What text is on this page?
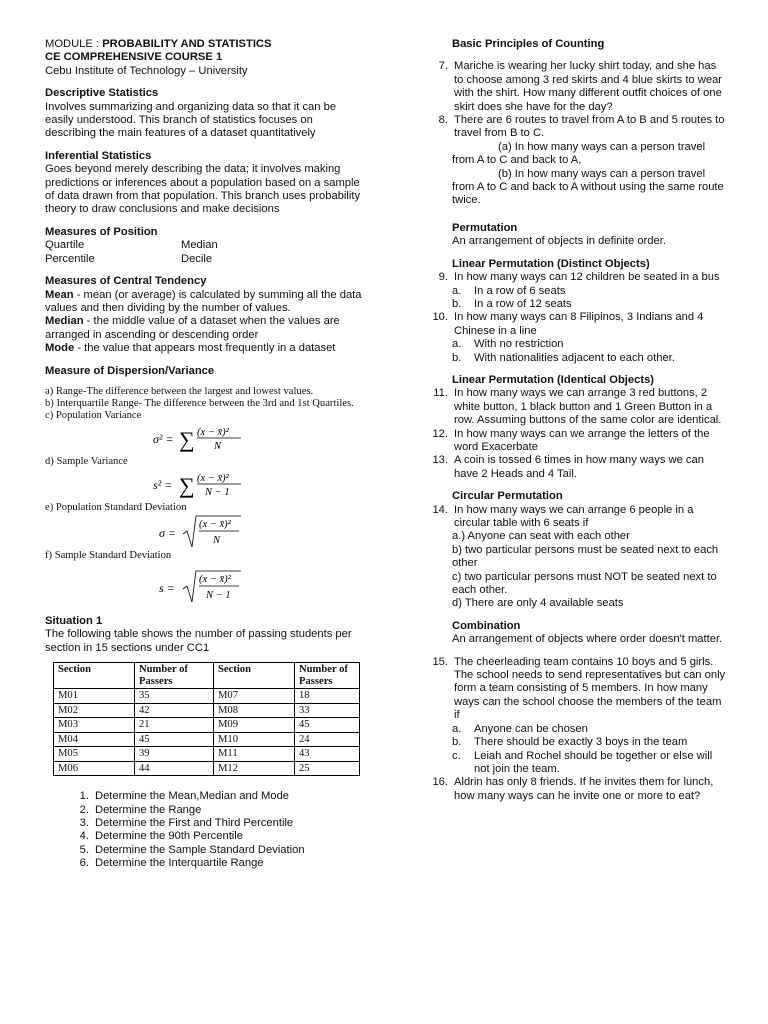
MODULE : PROBABILITY AND STATISTICS

CE COMPREHENSIVE COURSE 1

Cebu Institute of Technology – University

Descriptive Statistics

Involves summarizing and organizing data so that it can be easily understood. This branch of statistics focuses on describing the main features of a dataset quantitatively

Inferential Statistics

Goes beyond merely describing the data; it involves making predictions or inferences about a population based on a sample of data drawn from that population. This branch uses probability theory to draw conclusions and make decisions

Measures of Position

Quartile	Median
Percentile	Decile

Measures of Central Tendency

Mean - mean (or average) is calculated by summing all the data values and then dividing by the number of values.

Median - the middle value of a dataset when the values are arranged in ascending or descending order

Mode - the value that appears most frequently in a dataset

Measure of Dispersion/Variance

a) Range-The difference between the largest and lowest values.

b) Interquartile Range- The difference between the 3rd and 1st Quartiles.

c) Population Variance

σ² = ∑ (x − x̄)²
N

d) Sample Variance

s² = ∑ (x − x̄)²
N − 1

e) Population Standard Deviation

σ =
(x − x̄)²
N

f) Sample Standard Deviation

s =
(x − x̄)²
N − 1

Situation 1

The following table shows the number of passing students per section in 15 sections under CC1

Section	Number of Passers	Section	Number of Passers
M01	35	M07	18
M02	42	M08	33
M03	21	M09	45
M04	45	M10	24
M05	39	M11	43
M06	44	M12	25
1. Determine the Mean,Median and Mode
2. Determine the Range
3. Determine the First and Third Percentile
4. Determine the 90th Percentile
5. Determine the Sample Standard Deviation
6. Determine the Interquartile Range

Basic Principles of Counting

7. Mariche is wearing her lucky shirt today, and she has to choose among 3 red skirts and 4 blue skirts to wear with the shirt. How many different outfit choices of one skirt does she have for the day?
8. There are 6 routes to travel from A to B and 5 routes to travel from B to C.

(a) In how many ways can a person travel from A to C and back to A,

(b) In how many ways can a person travel from A to C and back to A without using the same route twice.

Permutation

An arrangement of objects in definite order.

Linear Permutation (Distinct Objects)

9. In how many ways can 12 children be seated in a bus
a.	In a row of 6 seats
b.	In a row of 12 seats
10. In how many ways can 8 Filipinos, 3 Indians and 4 Chinese in a line
a.	With no restriction
b.	With nationalities adjacent to each other.

Linear Permutation (Identical Objects)

11. In how many ways we can arrange 3 red buttons, 2 white button, 1 black button and 1 Green Button in a row. Assuming buttons of the same color are identical.
12. In how many ways can we arrange the letters of the word Exacerbate
13. A coin is tossed 6 times in how many ways we can have 2 Heads and 4 Tail.

Circular Permutation

14. In how many ways we can arrange 6 people in a circular table with 6 seats if

a.) Anyone can seat with each other

b) two particular persons must be seated next to each other

c) two particular persons must NOT be seated next to each other.

d) There are only 4 available seats

Combination

An arrangement of objects where order doesn't matter.

15. The cheerleading team contains 10 boys and 5 girls. The school needs to send representatives but can only form a team consisting of 5 members. In how many ways can the school choose the members of the team if
a.	Anyone can be chosen
b.	There should be exactly 3 boys in the team
c.	Leiah and Rochel should be together or else will not join the team.
16. Aldrin has only 8 friends. If he invites them for lunch, how many ways can he invite one or more to eat?
